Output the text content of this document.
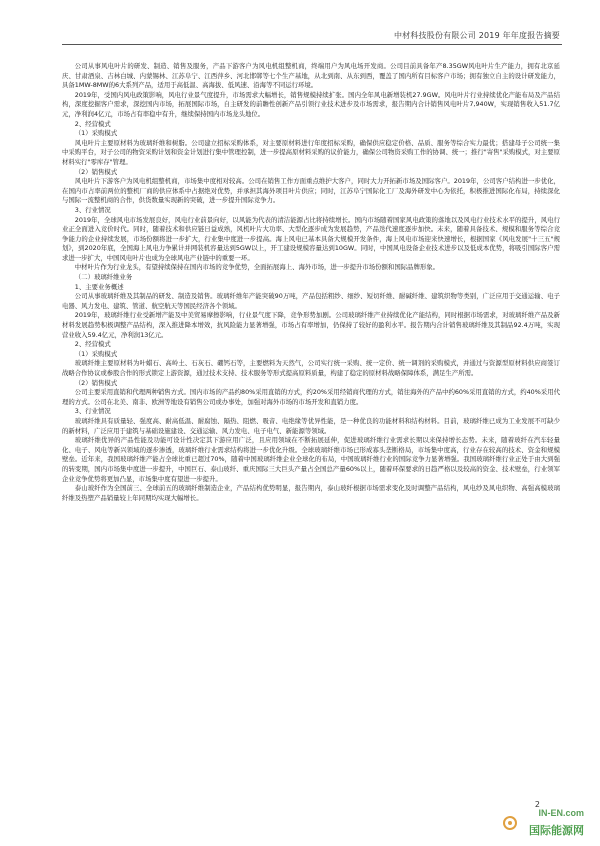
中材科技股份有限公司 2019 年年度报告摘要

公司从事风电叶片的研发、制造、销售及服务，产品下游客户为风电机组整机商，终端用户为风电场开发商。公司目前具备年产8.35GW风电叶片生产能力，拥有北京延庆、甘肃酒泉、吉林白城、内蒙锡林、江苏阜宁、江西萍乡、河北邯郸等七个生产基地，从北到南、从东到西，覆盖了国内所有目标客户市场；拥有独立自主的设计研发能力，具备1MW-8MW的6大系列产品，适用于高低温、高海拔、低风速、沿海等不同运行环境。

2019年，受国内风电政策影响，风电行业景气度提升，市场需求大幅增长，销售规模持续扩张。国内全年风电新增装机27.9GW。风电叶片行业持续优化产能布局及产品结构，深度挖掘客户需求，深挖国内市场，拓展国际市场，自主研发的前瞻性创新产品引领行业技术进步及市场需求，报告期内合计销售风电叶片7,940W，实现销售收入51.7亿元，净利润4亿元，市场占有率稳中有升，继续保持国内市场龙头地位。

2、经营模式

（1）采购模式

风电叶片主要原材料为玻璃纤维和树脂。公司建立招标采购体系，对主要原材料进行年度招标采购，确保供应稳定价格、品质、服务等综合实力最优；搭建母子公司统一集中采购平台，对子公司的物资采购计划和资金计划进行集中管理控制，进一步提高原材料采购的议价能力，确保公司物资采购工作的协调、统一；推行"寄售"采购模式，对主要原材料实行"零库存"管理。

（2）销售模式

风电叶片下游客户为风电机组整机商，市场集中度相对较高。公司在销售工作方面重点维护大客户，同时大力开拓新市场及国际客户。2019年，公司客户结构进一步优化，在国内市占率前两位的整机厂商的供应体系中占据绝对优势，并承担其海外项目叶片供应；同时，江苏阜宁国际化工厂及海外研发中心为依托，积极推进国际化布局，持续深化与国际一流整机商的合作，供货数量实现新的突破，进一步提升国际竞争力。

3、行业情况

2019年，全球风电市场发展良好，风电行业前景向好，以风能为代表的清洁能源占比将持续增长。国内市场随着国家风电政策的落地以及风电行业技术水平的提升，风电行业正全面进入竞价时代。同时，随着技术和供应链日益成熟，风机叶片大功率、大型化逐步成为发展趋势，产品迭代速度逐步加快。未来，随着具备技术、规模和服务等综合竞争能力的企业持续发展，市场份额将进一步扩大，行业集中度进一步提高。海上风电已基本具备大规模开发条件，海上风电市场迎来快速增长，根据国家《风电发展"十三五"规划》，到2020年底，全国海上风电力争累计并网装机容量达到5GW以上，开工建设规模容量达到10GW。同时，中国风电设备企业技术进步以及低成本优势，将吸引国际客户需求进一步扩大，中国风电叶片也成为全球风电产业链中的重要一环。

中材叶片作为行业龙头，有望持续保持在国内市场的竞争优势，全面拓展海上、海外市场，进一步提升市场份额和国际品牌形象。

（二）玻璃纤维业务

1、主要业务概述

公司从事玻璃纤维及其制品的研发、制造及销售。玻璃纤维年产能突破90万吨，产品包括粗纱、细纱、短切纤维、耐碱纤维、建筑织物等类别，广泛应用于交通运输、电子电器、风力发电、建筑、管道、航空航天等国民经济各个领域。

2019年，玻璃纤维行业受新增产能及中美贸易摩擦影响，行业景气度下降，竞争形势加剧。公司玻璃纤维产业持续优化产能结构，同时根据市场需求，对玻璃纤维产品及新材料发展趋势积极调整产品结构，深入推进降本增效，抗风险能力显著增强，市场占有率增加，仍保持了较好的盈利水平。报告期内合计销售玻璃纤维及其制品92.4万吨，实现营业收入59.4亿元，净利润13亿元。

2、经营模式

（1）采购模式

玻璃纤维主要原材料为叶蜡石、高岭土、石灰石、硼钙石等，主要燃料为天然气，公司实行统一采购、统一定价、统一调剂的采购模式，并通过与资源型原材料供应商签订战略合作协议或参股合作的形式锁定上游资源，通过技术支持、技术服务等形式提高原料质量，构建了稳定的原材料战略保障体系，满足生产所需。

（2）销售模式

公司主要采用直销和代理两种销售方式。国内市场的产品约80%采用直销的方式，约20%采用经销商代理的方式，销往海外的产品中约60%采用直销的方式，约40%采用代理的方式。公司在北美、南非、欧洲等地设有销售公司或办事处，加强对海外市场的市场开发和直销力度。

3、行业情况

玻璃纤维具有质量轻、强度高、耐高低温、耐腐蚀、隔热、阻燃、吸音、电绝缘等优异性能，是一种优良的功能材料和结构材料。目前，玻璃纤维已成为工业发展不可缺少的新材料，广泛应用于建筑与基础设施建设、交通运输、风力发电、电子电气、新能源等领域。

玻璃纤维优异的产品性能及功能可设计性决定其下游应用广泛，且应用领域在不断拓展延伸，促进玻璃纤维行业需求长期以来保持增长态势。未来，随着玻纤在汽车轻量化、电子、风电等新兴领域的逐步渗透，玻璃纤维行业需求结构将进一步优化升级。全球玻璃纤维市场已形成寡头垄断格局，市场集中度高，行业存在较高的技术、资金和规模壁垒。近年来，我国玻璃纤维产能占全球比重已超过70%，随着中国玻璃纤维企业全球化的布局，中国玻璃纤维行业的国际竞争力显著增强。我国玻璃纤维行业正处于由大到强的转变期，国内市场集中度进一步提升，中国巨石、泰山玻纤、重庆国际三大巨头产量占全国总产量60%以上，随着环保要求的日趋严格以及较高的资金、技术壁垒，行业领军企业竞争优势将更加凸显，市场集中度有望进一步提升。

泰山玻纤作为全国前三、全球前五的玻璃纤维制造企业，产品结构优势明显，报告期内，泰山玻纤根据市场需求变化及时调整产品结构，风电纱及风电织物、高强高模玻璃纤维及热塑产品销量较上年同期均实现大幅增长。

2
IN-EN.com
国际能源网
